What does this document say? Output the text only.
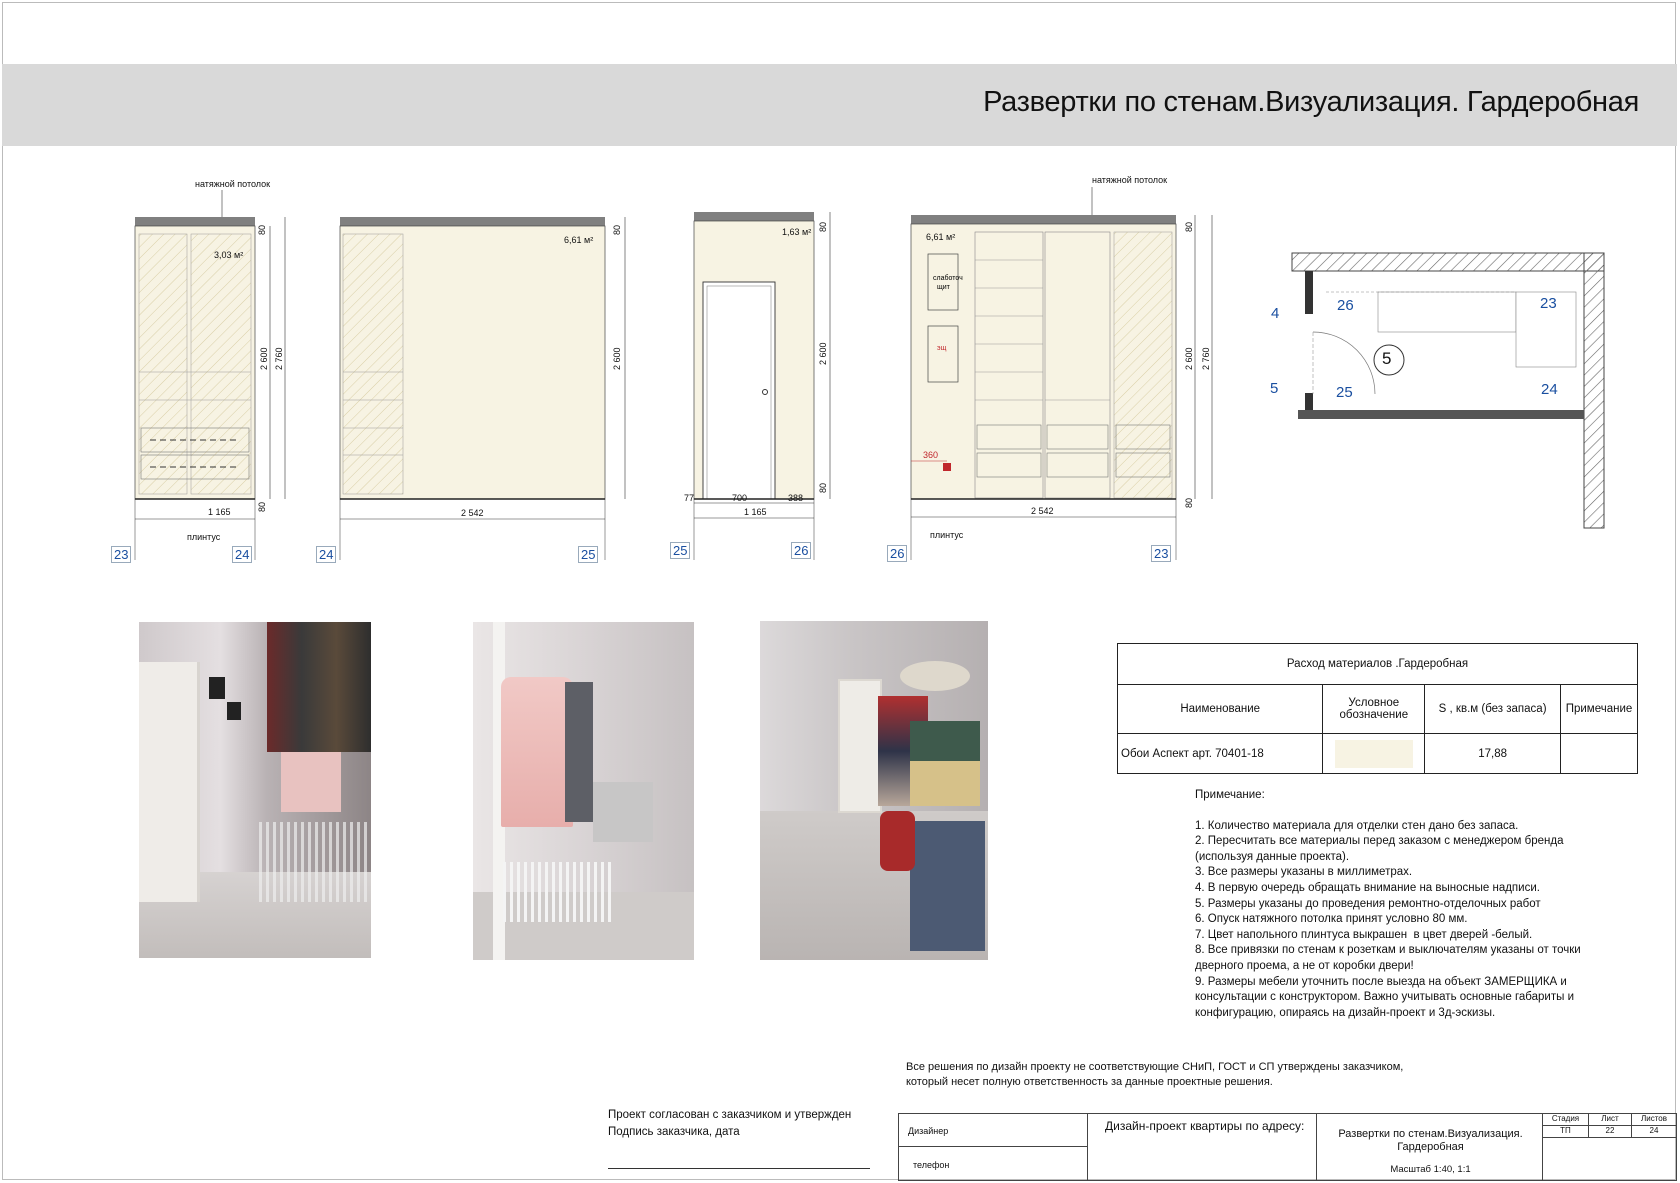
Развертки по стенам.Визуализация. Гардеробная
натяжной потолок
3,03 м²
80
2 600 2 760
80
1 165
плинтус
6,61 м²
80
2 600
2 542
1,63 м² 80
2 600
80
77	700	388
1 165
натяжной потолок
6,61 м²
слаботоч
щит
эщ
360
80
2 600 2 760
80
2 542
плинтус
5
4	26	23
5	25	24
23	24	24	25	25	26	26	23
Расход материалов .Гардеробная			
Наименование	Условное обозначение	S , кв.м (без запаса)	Примечание
Обои Аспект арт. 70401-18		17,88	
Примечание:
1. Количество материала для отделки стен дано без запаса.
2. Пересчитать все материалы перед заказом с менеджером бренда (используя данные проекта).
3. Все размеры указаны в миллиметрах.
4. В первую очередь обращать внимание на выносные надписи.
5. Размеры указаны до проведения ремонтно-отделочных работ
6. Опуск натяжного потолка принят условно 80 мм.
7. Цвет напольного плинтуса выкрашен  в цвет дверей -белый.
8. Все привязки по стенам к розеткам и выключателям указаны от точки дверного проема, а не от коробки двери!
9. Размеры мебели уточнить после выезда на объект ЗАМЕРЩИКА и консультации с конструктором. Важно учитывать основные габариты и конфигурацию, опираясь на дизайн-проект и 3д-эскизы.
Все решения по дизайн проекту не соответствующие СНиП, ГОСТ и СП утверждены заказчиком,
который несет полную ответственность за данные проектные решения.
Проект согласован с заказчиком и утвержден
Подпись заказчика, дата	Дизайнер
телефон
Дизайн-проект квартиры по адресу:
Развертки по стенам.Визуализация.
Гардеробная
Масштаб 1:40, 1:1
Стадия	Лист	Листов
ТП	22	24
